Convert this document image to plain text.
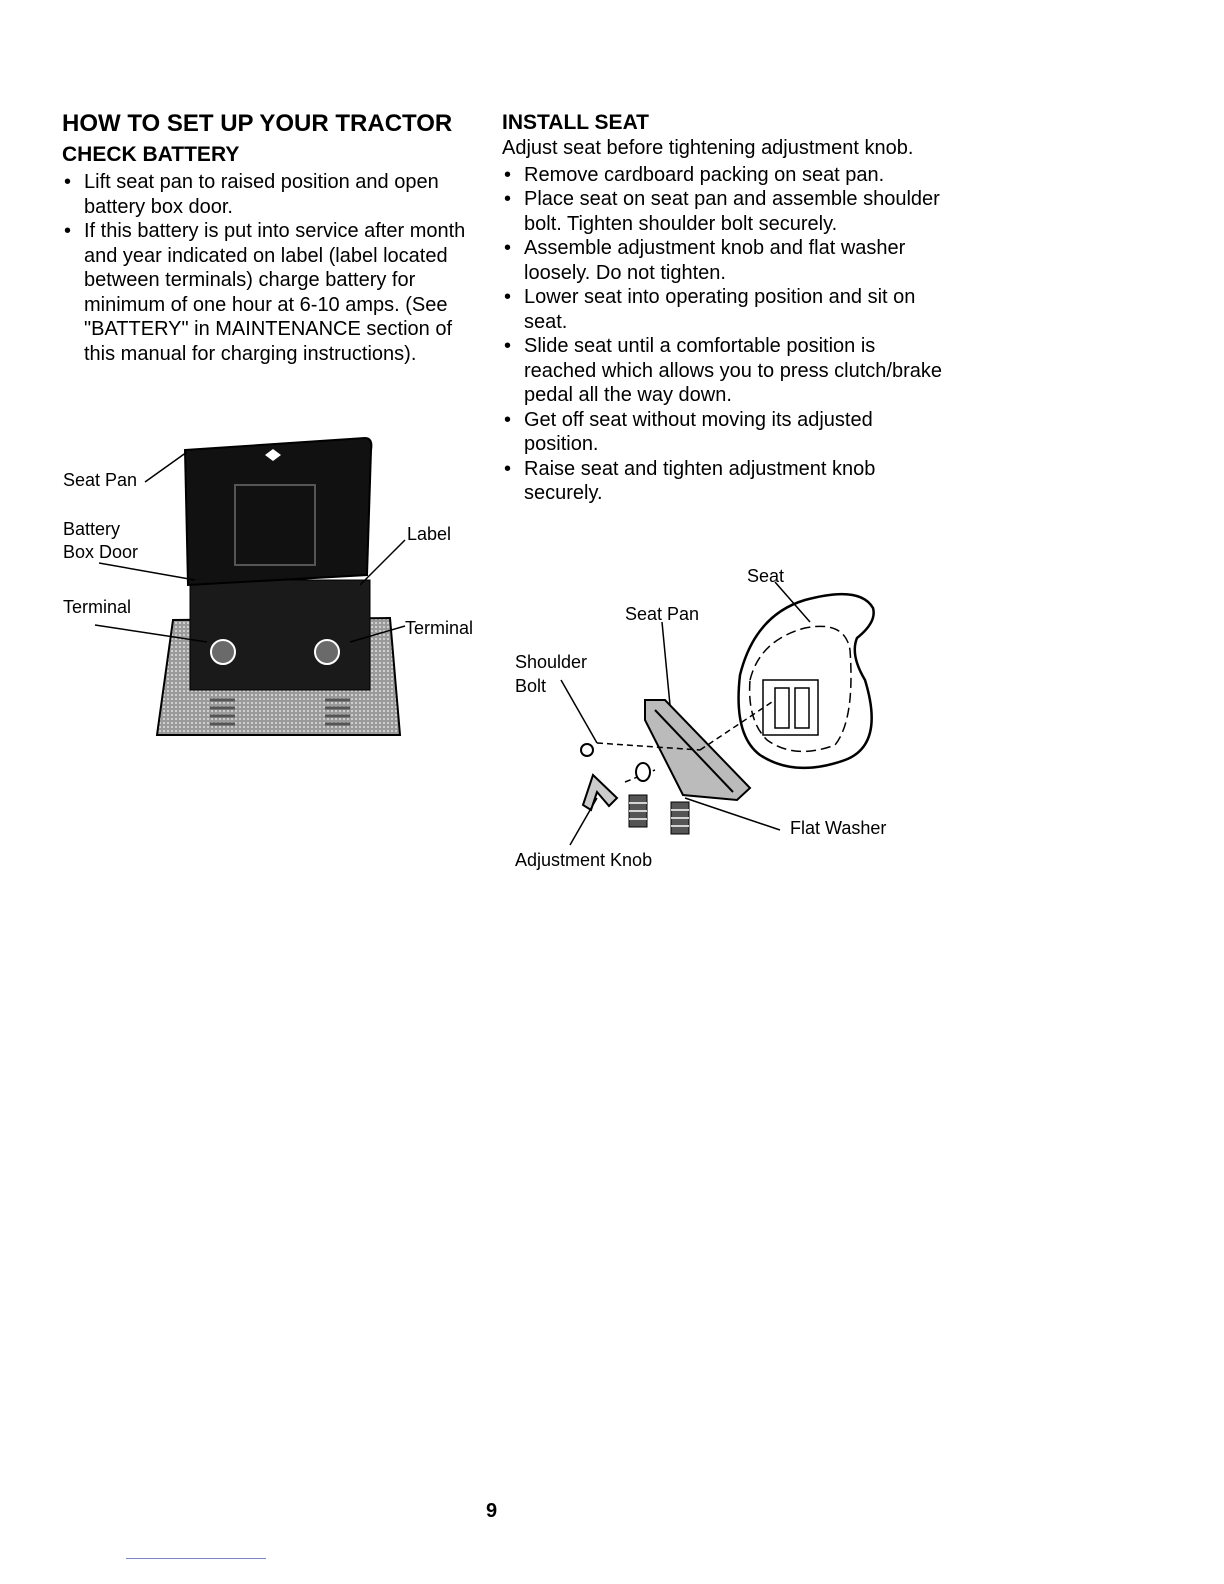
HOW TO SET UP YOUR TRACTOR
CHECK BATTERY
• Lift seat pan to raised position and open battery box door.
• If this battery is put into service after month and year indicated on label (label located between terminals) charge battery for minimum of one hour at 6-10 amps. (See "BATTERY" in MAINTENANCE section of this manual for charging instructions).
INSTALL SEAT

Adjust seat before tightening adjustment knob.

• Remove cardboard packing on seat pan.
• Place seat on seat pan and assemble shoulder bolt. Tighten shoulder bolt securely.
• Assemble adjustment knob and flat washer loosely. Do not tighten.
• Lower seat into operating position and sit on seat.
• Slide seat until a comfortable position is reached which allows you to press clutch/brake pedal all the way down.
• Get off seat without moving its adjusted position.
• Raise seat and tighten adjustment knob securely.
Seat Pan
Battery
Box Door
Terminal
Label
Terminal
Seat
Seat Pan
Shoulder
Bolt
Flat Washer
Adjustment Knob
9
